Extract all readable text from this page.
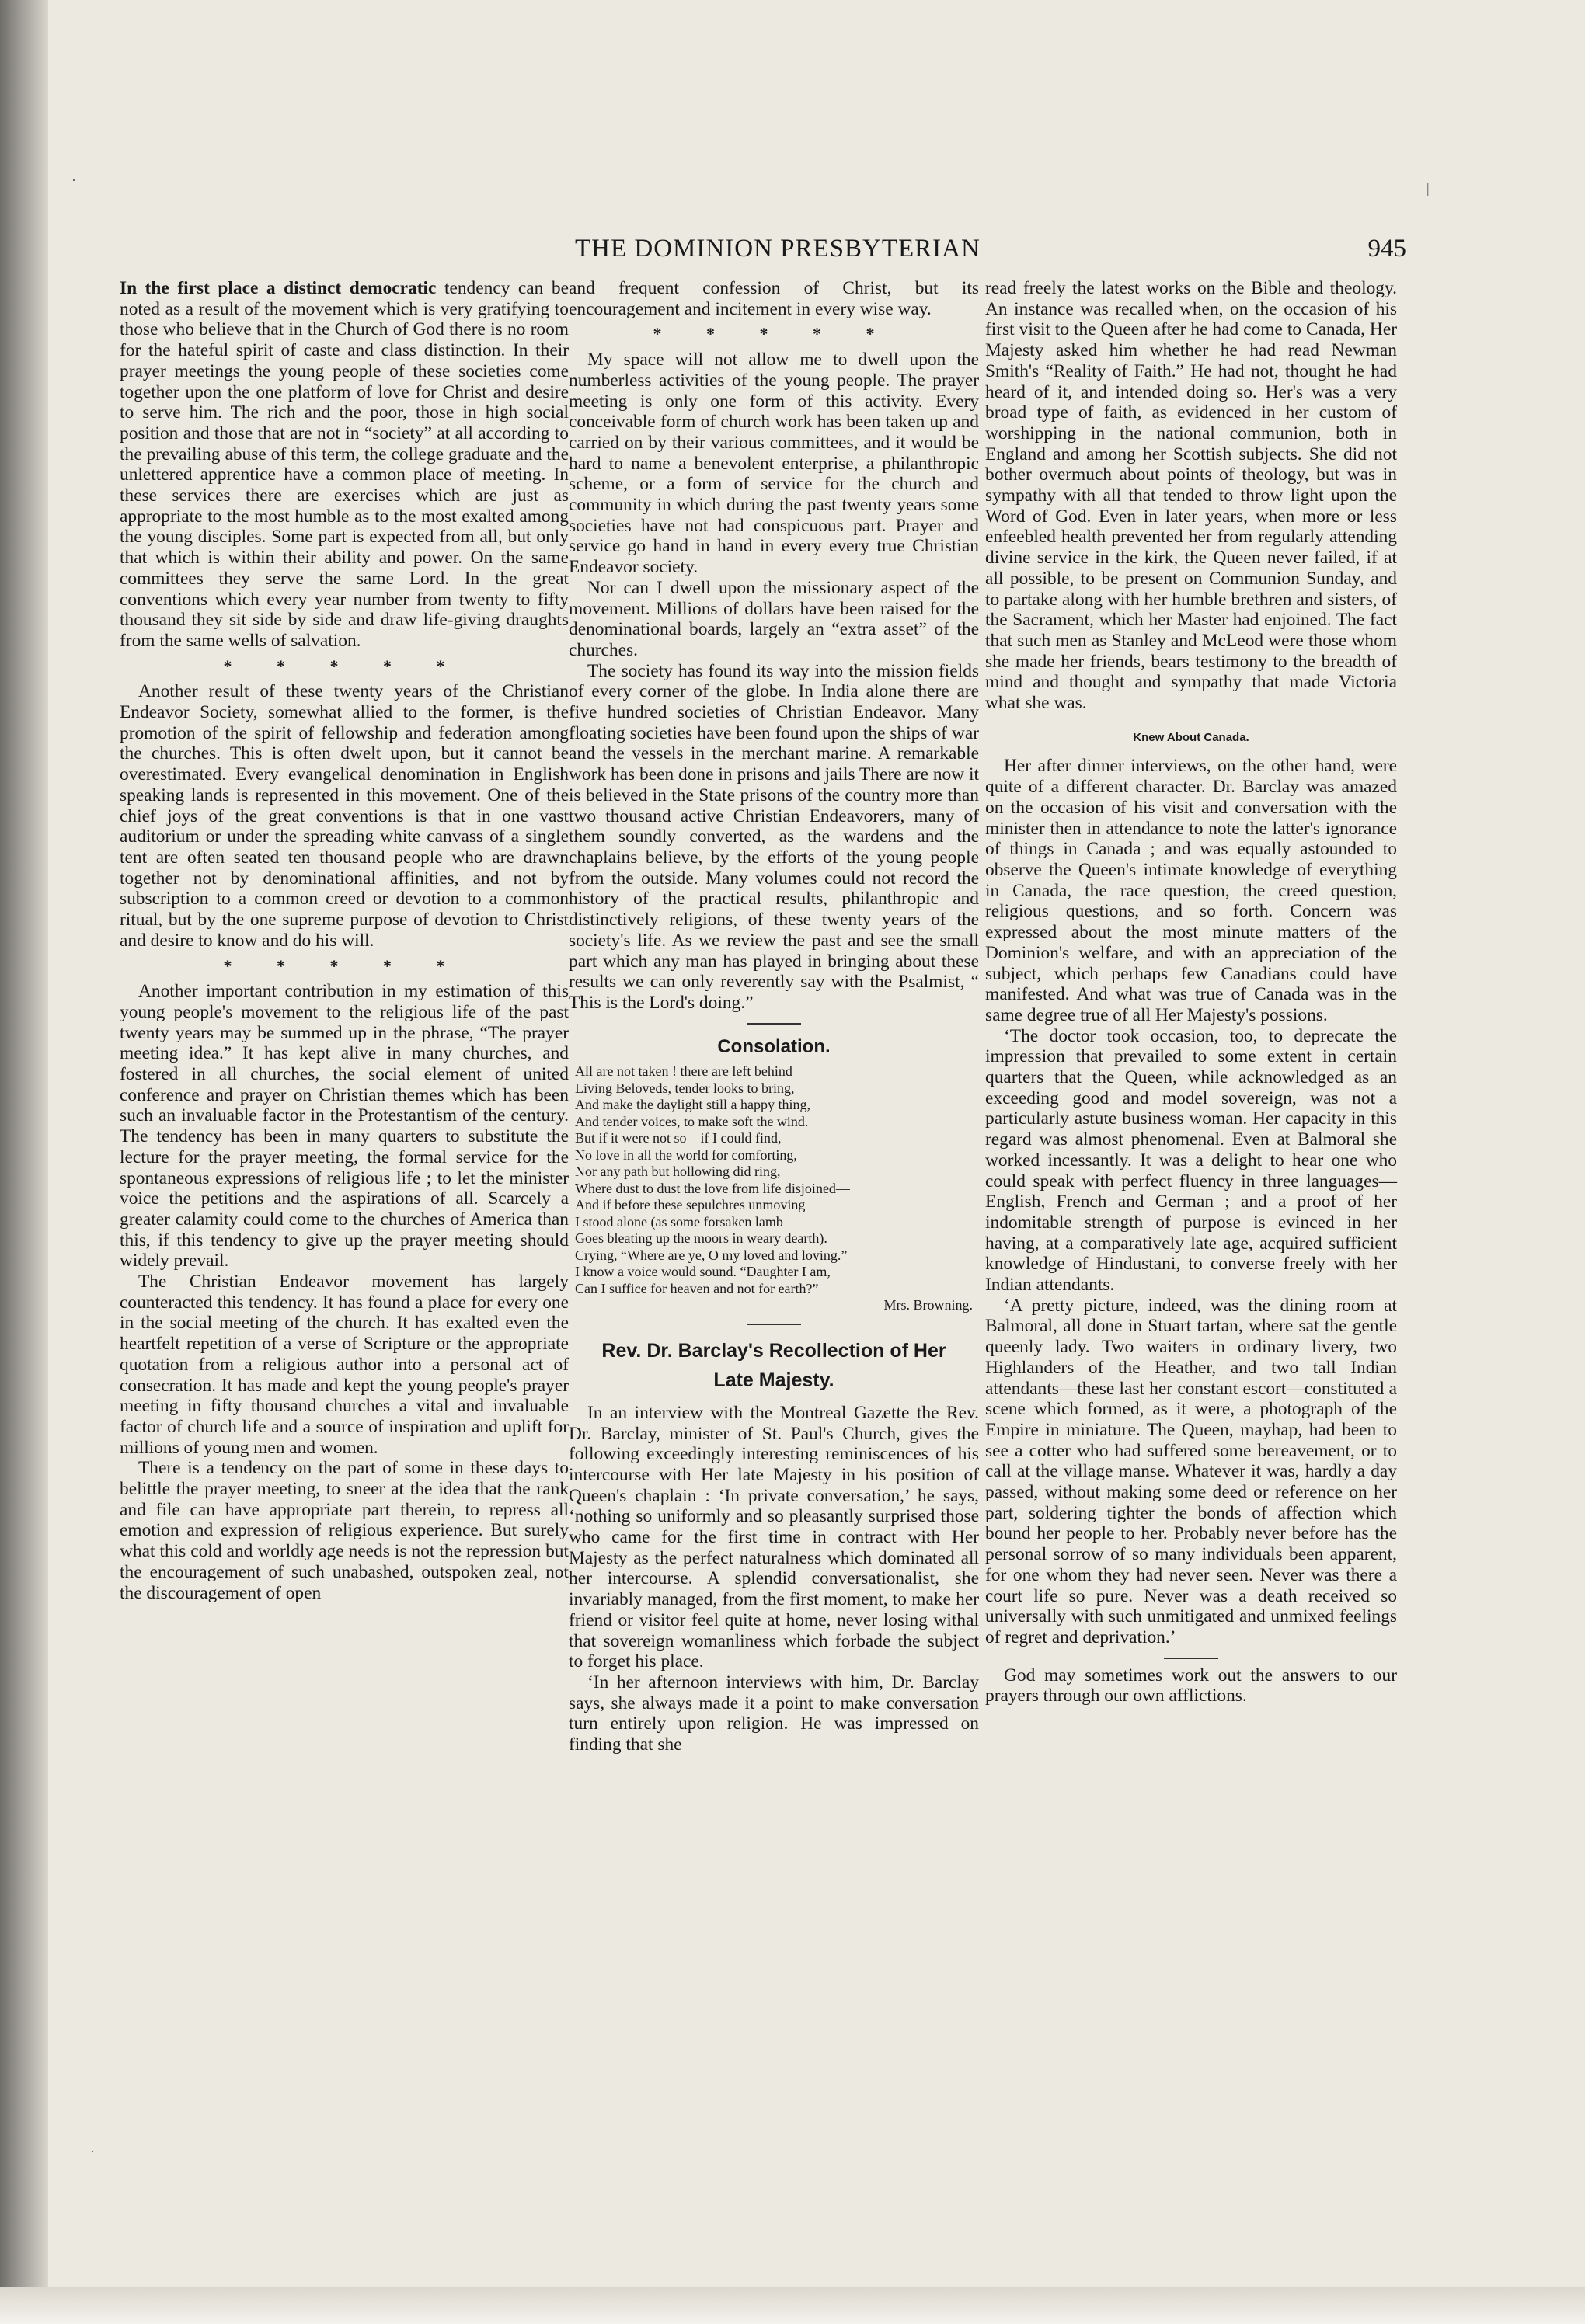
·	|
·
THE DOMINION PRESBYTERIAN	945

In the first place a distinct democratic tendency can be noted as a result of the movement which is very gratifying to those who believe that in the Church of God there is no room for the hateful spirit of caste and class distinction. In their prayer meetings the young people of these societies come together upon the one platform of love for Christ and desire to serve him. The rich and the poor, those in high social position and those that are not in “society” at all according to the prevailing abuse of this term, the college graduate and the unlettered apprentice have a common place of meeting. In these services there are exercises which are just as appropriate to the most humble as to the most exalted among the young disciples. Some part is expected from all, but only that which is within their ability and power. On the same committees they serve the same Lord. In the great conventions which every year number from twenty to fifty thousand they sit side by side and draw life-giving draughts from the same wells of salvation.

* * * * *

Another result of these twenty years of the Christian Endeavor Society, somewhat allied to the former, is the promotion of the spirit of fellowship and federation among the churches. This is often dwelt upon, but it cannot be overestimated. Every evangelical denomination in English speaking lands is represented in this movement. One of the chief joys of the great conventions is that in one vast auditorium or under the spreading white canvass of a single tent are often seated ten thousand people who are drawn together not by denominational affinities, and not by subscription to a common creed or devotion to a common ritual, but by the one supreme purpose of devotion to Christ and desire to know and do his will.

* * * * *

Another important contribution in my estimation of this young people's movement to the religious life of the past twenty years may be summed up in the phrase, “The prayer meeting idea.” It has kept alive in many churches, and fostered in all churches, the social element of united conference and prayer on Christian themes which has been such an invaluable factor in the Protestantism of the century. The tendency has been in many quarters to substitute the lecture for the prayer meeting, the formal service for the spontaneous expressions of religious life ; to let the minister voice the petitions and the aspirations of all. Scarcely a greater calamity could come to the churches of America than this, if this tendency to give up the prayer meeting should widely prevail.

The Christian Endeavor movement has largely counteracted this tendency. It has found a place for every one in the social meeting of the church. It has exalted even the heartfelt repetition of a verse of Scripture or the appropriate quotation from a religious author into a personal act of consecration. It has made and kept the young people's prayer meeting in fifty thousand churches a vital and invaluable factor of church life and a source of inspiration and uplift for millions of young men and women.

There is a tendency on the part of some in these days to belittle the prayer meeting, to sneer at the idea that the rank and file can have appropriate part therein, to repress all emotion and expression of religious experience. But surely what this cold and worldly age needs is not the repression but the encouragement of such unabashed, outspoken zeal, not the discouragement of open

and frequent confession of Christ, but its encouragement and incitement in every wise way.

* * * * *

My space will not allow me to dwell upon the numberless activities of the young people. The prayer meeting is only one form of this activity. Every conceivable form of church work has been taken up and carried on by their various committees, and it would be hard to name a benevolent enterprise, a philanthropic scheme, or a form of service for the church and community in which during the past twenty years some societies have not had conspicuous part. Prayer and service go hand in hand in every every true Christian Endeavor society.

Nor can I dwell upon the missionary aspect of the movement. Millions of dollars have been raised for the denominational boards, largely an “extra asset” of the churches.

The society has found its way into the mission fields of every corner of the globe. In India alone there are five hundred societies of Christian Endeavor. Many floating societies have been found upon the ships of war and the vessels in the merchant marine. A remarkable work has been done in prisons and jails There are now it is believed in the State prisons of the country more than two thousand active Christian Endeavorers, many of them soundly converted, as the wardens and the chaplains believe, by the efforts of the young people from the outside. Many volumes could not record the history of the practical results, philanthropic and distinctively religions, of these twenty years of the society's life. As we review the past and see the small part which any man has played in bringing about these results we can only reverently say with the Psalmist, “ This is the Lord's doing.”

Consolation.
All are not taken ! there are left behind
Living Beloveds, tender looks to bring,
And make the daylight still a happy thing,
And tender voices, to make soft the wind.
But if it were not so—if I could find,
No love in all the world for comforting,
Nor any path but hollowing did ring,
Where dust to dust the love from life disjoined—
And if before these sepulchres unmoving
I stood alone (as some forsaken lamb
Goes bleating up the moors in weary dearth).
Crying, “Where are ye, O my loved and loving.”
I know a voice would sound. “Daughter I am,
Can I suffice for heaven and not for earth?”
—Mrs. Browning.
Rev. Dr. Barclay's Recollection of Her
Late Majesty.

In an interview with the Montreal Gazette the Rev. Dr. Barclay, minister of St. Paul's Church, gives the following exceedingly interesting reminiscences of his intercourse with Her late Majesty in his position of Queen's chaplain : ‘In private conversation,’ he says, ‘nothing so uniformly and so pleasantly surprised those who came for the first time in contract with Her Majesty as the perfect naturalness which dominated all her intercourse. A splendid conversationalist, she invariably managed, from the first moment, to make her friend or visitor feel quite at home, never losing withal that sovereign womanliness which forbade the subject to forget his place.

‘In her afternoon interviews with him, Dr. Barclay says, she always made it a point to make conversation turn entirely upon religion. He was impressed on finding that she

read freely the latest works on the Bible and theology. An instance was recalled when, on the occasion of his first visit to the Queen after he had come to Canada, Her Majesty asked him whether he had read Newman Smith's “Reality of Faith.” He had not, thought he had heard of it, and intended doing so. Her's was a very broad type of faith, as evidenced in her custom of worshipping in the national communion, both in England and among her Scottish subjects. She did not bother overmuch about points of theology, but was in sympathy with all that tended to throw light upon the Word of God. Even in later years, when more or less enfeebled health prevented her from regularly attending divine service in the kirk, the Queen never failed, if at all possible, to be present on Communion Sunday, and to partake along with her humble brethren and sisters, of the Sacrament, which her Master had enjoined. The fact that such men as Stanley and McLeod were those whom she made her friends, bears testimony to the breadth of mind and thought and sympathy that made Victoria what she was.

Knew About Canada.

Her after dinner interviews, on the other hand, were quite of a different character. Dr. Barclay was amazed on the occasion of his visit and conversation with the minister then in attendance to note the latter's ignorance of things in Canada ; and was equally astounded to observe the Queen's intimate knowledge of everything in Canada, the race question, the creed question, religious questions, and so forth. Concern was expressed about the most minute matters of the Dominion's welfare, and with an appreciation of the subject, which perhaps few Canadians could have manifested. And what was true of Canada was in the same degree true of all Her Majesty's possions.

‘The doctor took occasion, too, to deprecate the impression that prevailed to some extent in certain quarters that the Queen, while acknowledged as an exceeding good and model sovereign, was not a particularly astute business woman. Her capacity in this regard was almost phenomenal. Even at Balmoral she worked incessantly. It was a delight to hear one who could speak with perfect fluency in three languages—English, French and German ; and a proof of her indomitable strength of purpose is evinced in her having, at a comparatively late age, acquired sufficient knowledge of Hindustani, to converse freely with her Indian attendants.

‘A pretty picture, indeed, was the dining room at Balmoral, all done in Stuart tartan, where sat the gentle queenly lady. Two waiters in ordinary livery, two Highlanders of the Heather, and two tall Indian attendants—these last her constant escort—constituted a scene which formed, as it were, a photograph of the Empire in miniature. The Queen, mayhap, had been to see a cotter who had suffered some bereavement, or to call at the village manse. Whatever it was, hardly a day passed, without making some deed or reference on her part, soldering tighter the bonds of affection which bound her people to her. Probably never before has the personal sorrow of so many individuals been apparent, for one whom they had never seen. Never was there a court life so pure. Never was a death received so universally with such unmitigated and unmixed feelings of regret and deprivation.’

God may sometimes work out the answers to our prayers through our own afflictions.
